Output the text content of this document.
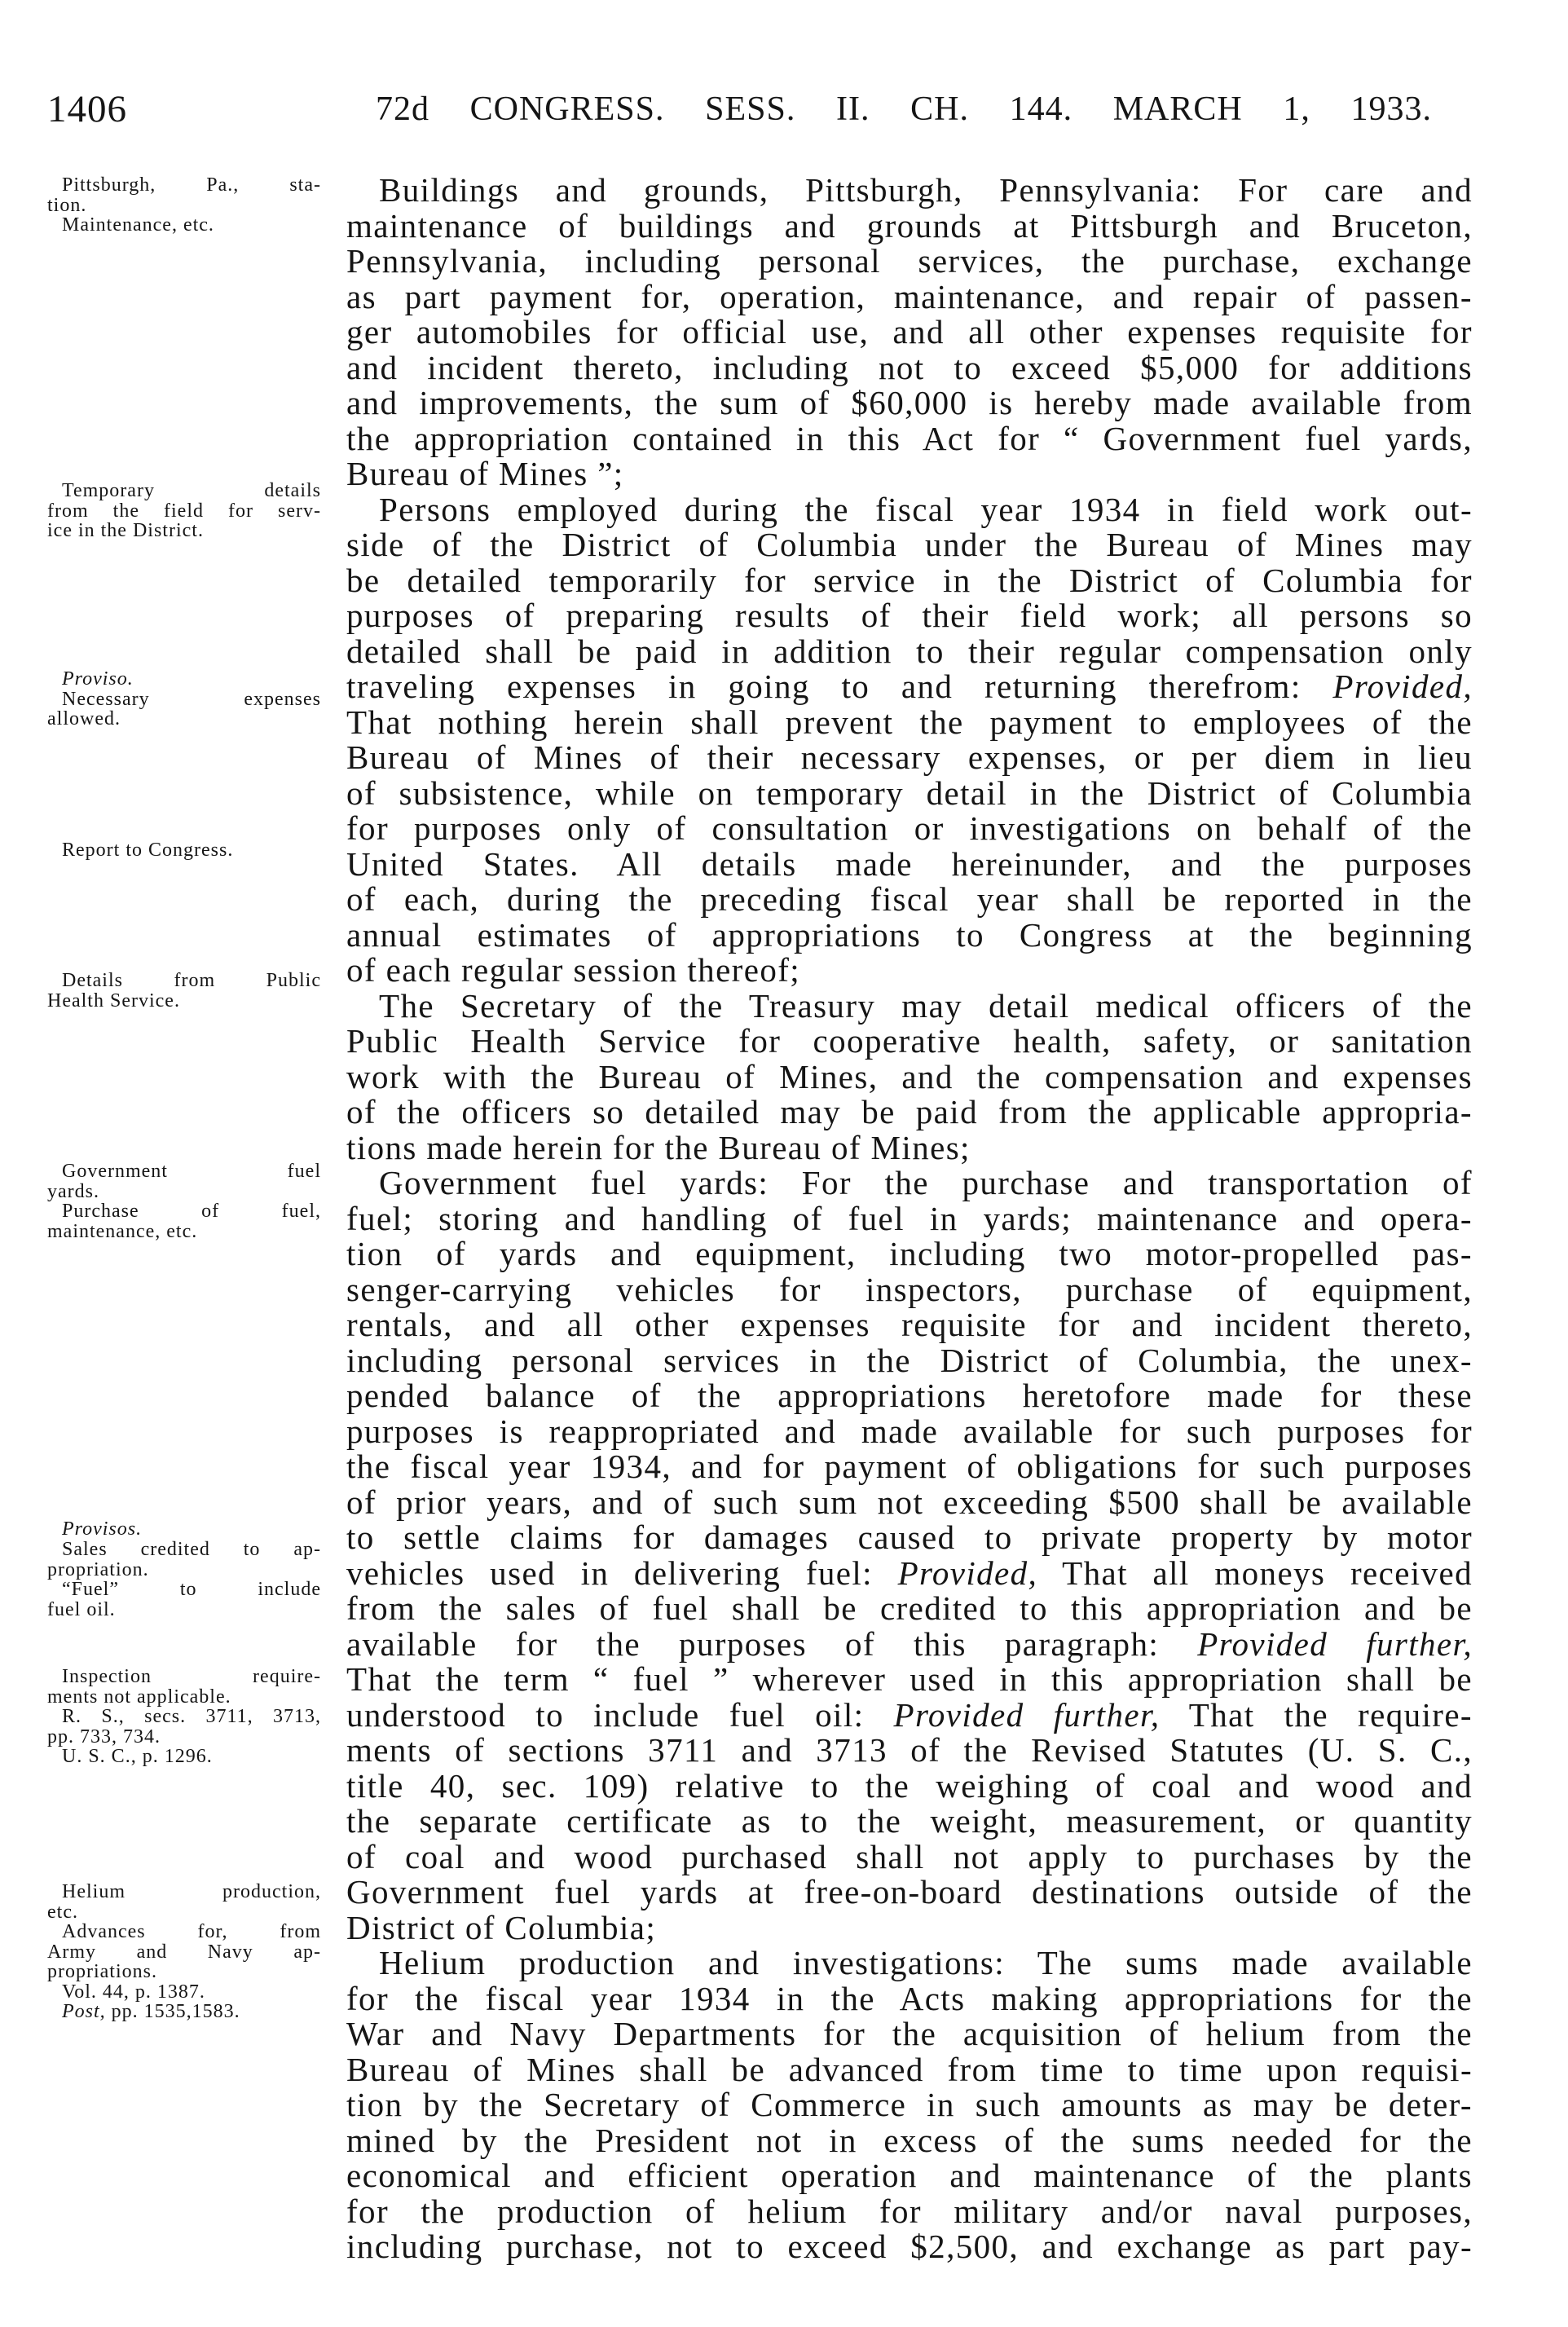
1406	72d CONGRESS. SESS. II. CH. 144. MARCH 1, 1933.
Pittsburgh, Pa., sta-
tion.
Maintenance, etc.
Temporary details
from the field for serv-
ice in the District.
Proviso.
Necessary expenses
allowed.
Report to Congress.
Details from Public
Health Service.
Government fuel
yards.
Purchase of fuel,
maintenance, etc.
Provisos.
Sales credited to ap-
propriation.
“Fuel” to include
fuel oil.
Inspection require-
ments not applicable.
R. S., secs. 3711, 3713,
pp. 733, 734.
U. S. C., p. 1296.
Helium production,
etc.
Advances for, from
Army and Navy ap-
propriations.
Vol. 44, p. 1387.
Post, pp. 1535,1583.
Buildings and grounds, Pittsburgh, Pennsylvania: For care and
maintenance of buildings and grounds at Pittsburgh and Bruceton,
Pennsylvania, including personal services, the purchase, exchange
as part payment for, operation, maintenance, and repair of passen-
ger automobiles for official use, and all other expenses requisite for
and incident thereto, including not to exceed $5,000 for additions
and improvements, the sum of $60,000 is hereby made available from
the appropriation contained in this Act for “ Government fuel yards,
Bureau of Mines ”;
Persons employed during the fiscal year 1934 in field work out-
side of the District of Columbia under the Bureau of Mines may
be detailed temporarily for service in the District of Columbia for
purposes of preparing results of their field work; all persons so
detailed shall be paid in addition to their regular compensation only
traveling expenses in going to and returning therefrom: Provided,
That nothing herein shall prevent the payment to employees of the
Bureau of Mines of their necessary expenses, or per diem in lieu
of subsistence, while on temporary detail in the District of Columbia
for purposes only of consultation or investigations on behalf of the
United States. All details made hereinunder, and the purposes
of each, during the preceding fiscal year shall be reported in the
annual estimates of appropriations to Congress at the beginning
of each regular session thereof;
The Secretary of the Treasury may detail medical officers of the
Public Health Service for cooperative health, safety, or sanitation
work with the Bureau of Mines, and the compensation and expenses
of the officers so detailed may be paid from the applicable appropria-
tions made herein for the Bureau of Mines;
Government fuel yards: For the purchase and transportation of
fuel; storing and handling of fuel in yards; maintenance and opera-
tion of yards and equipment, including two motor-propelled pas-
senger-carrying vehicles for inspectors, purchase of equipment,
rentals, and all other expenses requisite for and incident thereto,
including personal services in the District of Columbia, the unex-
pended balance of the appropriations heretofore made for these
purposes is reappropriated and made available for such purposes for
the fiscal year 1934, and for payment of obligations for such purposes
of prior years, and of such sum not exceeding $500 shall be available
to settle claims for damages caused to private property by motor
vehicles used in delivering fuel: Provided, That all moneys received
from the sales of fuel shall be credited to this appropriation and be
available for the purposes of this paragraph: Provided further,
That the term “ fuel ” wherever used in this appropriation shall be
understood to include fuel oil: Provided further, That the require-
ments of sections 3711 and 3713 of the Revised Statutes (U. S. C.,
title 40, sec. 109) relative to the weighing of coal and wood and
the separate certificate as to the weight, measurement, or quantity
of coal and wood purchased shall not apply to purchases by the
Government fuel yards at free-on-board destinations outside of the
District of Columbia;
Helium production and investigations: The sums made available
for the fiscal year 1934 in the Acts making appropriations for the
War and Navy Departments for the acquisition of helium from the
Bureau of Mines shall be advanced from time to time upon requisi-
tion by the Secretary of Commerce in such amounts as may be deter-
mined by the President not in excess of the sums needed for the
economical and efficient operation and maintenance of the plants
for the production of helium for military and/or naval purposes,
including purchase, not to exceed $2,500, and exchange as part pay-
